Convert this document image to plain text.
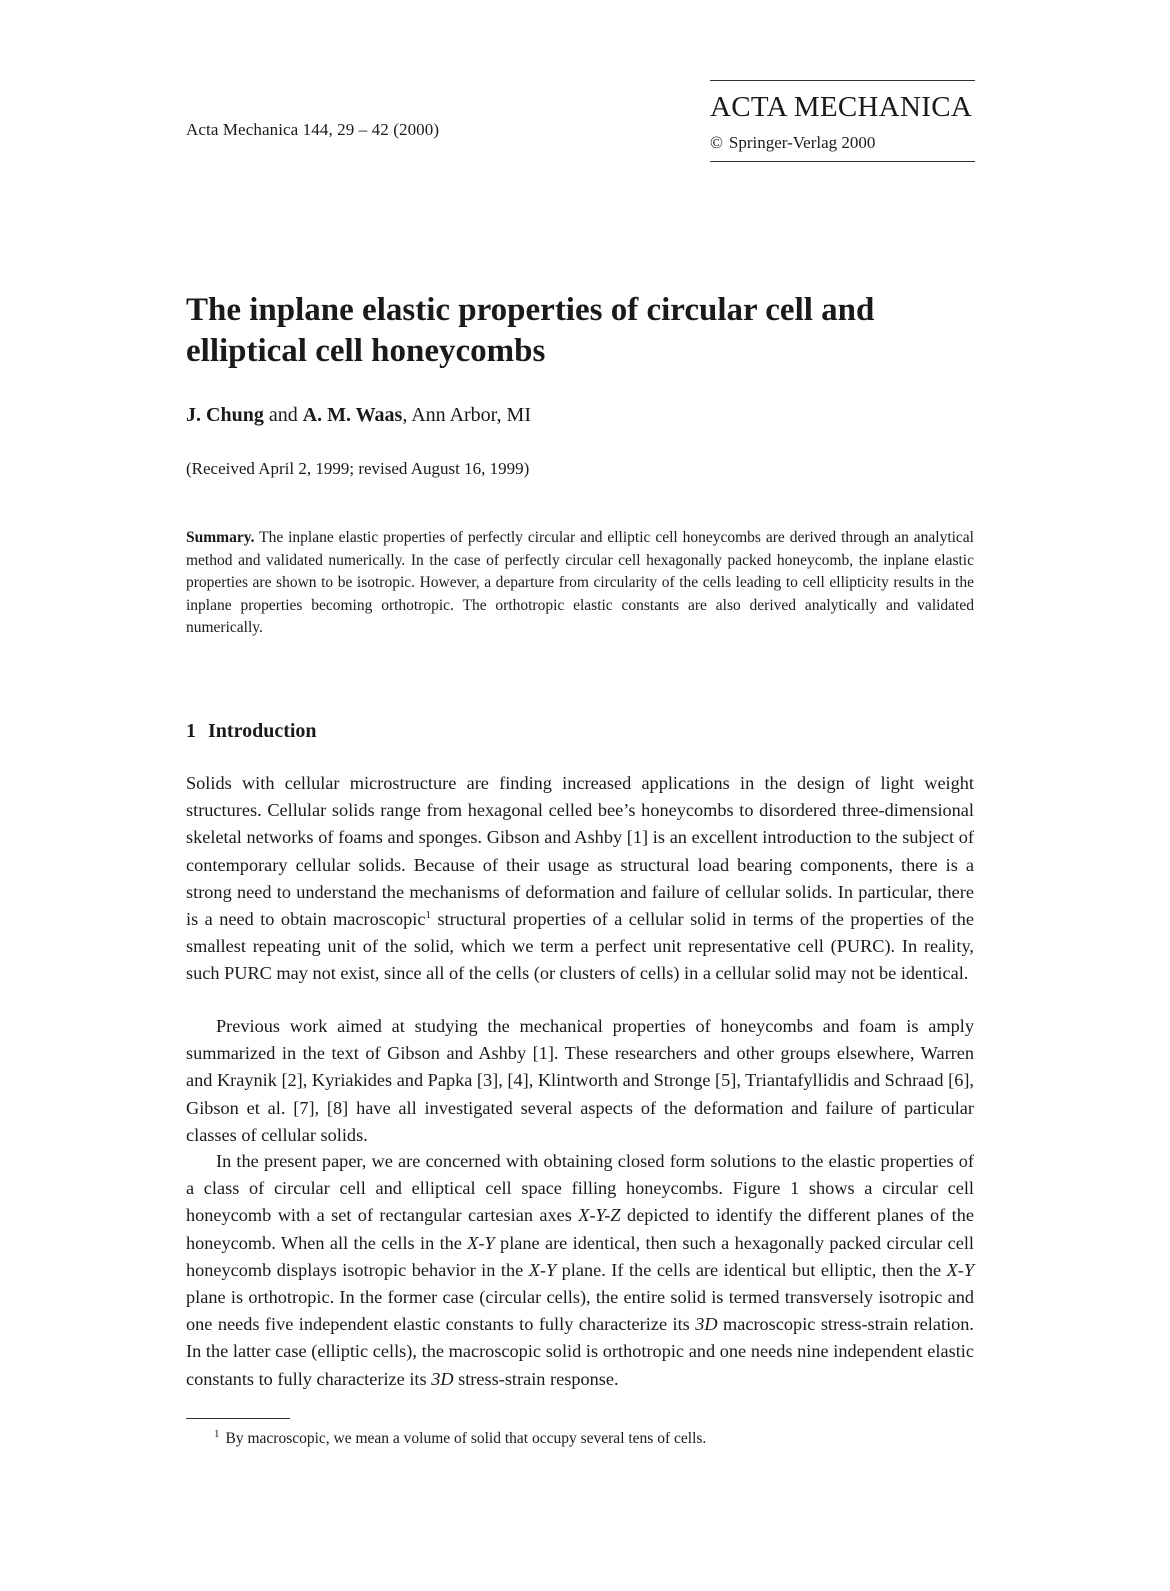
Acta Mechanica 144, 29 – 42 (2000)
ACTA MECHANICA
© Springer-Verlag 2000
The inplane elastic properties of circular cell and elliptical cell honeycombs
J. Chung and A. M. Waas, Ann Arbor, MI
(Received April 2, 1999; revised August 16, 1999)
Summary. The inplane elastic properties of perfectly circular and elliptic cell honeycombs are derived through an analytical method and validated numerically. In the case of perfectly circular cell hexagonally packed honeycomb, the inplane elastic properties are shown to be isotropic. However, a departure from circularity of the cells leading to cell ellipticity results in the inplane properties becoming orthotropic. The orthotropic elastic constants are also derived analytically and validated numerically.
1 Introduction
Solids with cellular microstructure are finding increased applications in the design of light weight structures. Cellular solids range from hexagonal celled bee’s honeycombs to disordered three-dimensional skeletal networks of foams and sponges. Gibson and Ashby [1] is an excellent introduction to the subject of contemporary cellular solids. Because of their usage as structural load bearing components, there is a strong need to understand the mechanisms of deformation and failure of cellular solids. In particular, there is a need to obtain macroscopic$^1$ structural properties of a cellular solid in terms of the properties of the smallest repeating unit of the solid, which we term a perfect unit representative cell (PURC). In reality, such PURC may not exist, since all of the cells (or clusters of cells) in a cellular solid may not be identical.
Previous work aimed at studying the mechanical properties of honeycombs and foam is amply summarized in the text of Gibson and Ashby [1]. These researchers and other groups elsewhere, Warren and Kraynik [2], Kyriakides and Papka [3], [4], Klintworth and Stronge [5], Triantafyllidis and Schraad [6], Gibson et al. [7], [8] have all investigated several aspects of the deformation and failure of particular classes of cellular solids.
In the present paper, we are concerned with obtaining closed form solutions to the elastic properties of a class of circular cell and elliptical cell space filling honeycombs. Figure 1 shows a circular cell honeycomb with a set of rectangular cartesian axes X-Y-Z depicted to identify the different planes of the honeycomb. When all the cells in the X-Y plane are identical, then such a hexagonally packed circular cell honeycomb displays isotropic behavior in the X-Y plane. If the cells are identical but elliptic, then the X-Y plane is orthotropic. In the former case (circular cells), the entire solid is termed transversely isotropic and one needs five independent elastic constants to fully characterize its 3D macroscopic stress-strain relation. In the latter case (elliptic cells), the macroscopic solid is orthotropic and one needs nine independent elastic constants to fully characterize its 3D stress-strain response.
$^1$ By macroscopic, we mean a volume of solid that occupy several tens of cells.
